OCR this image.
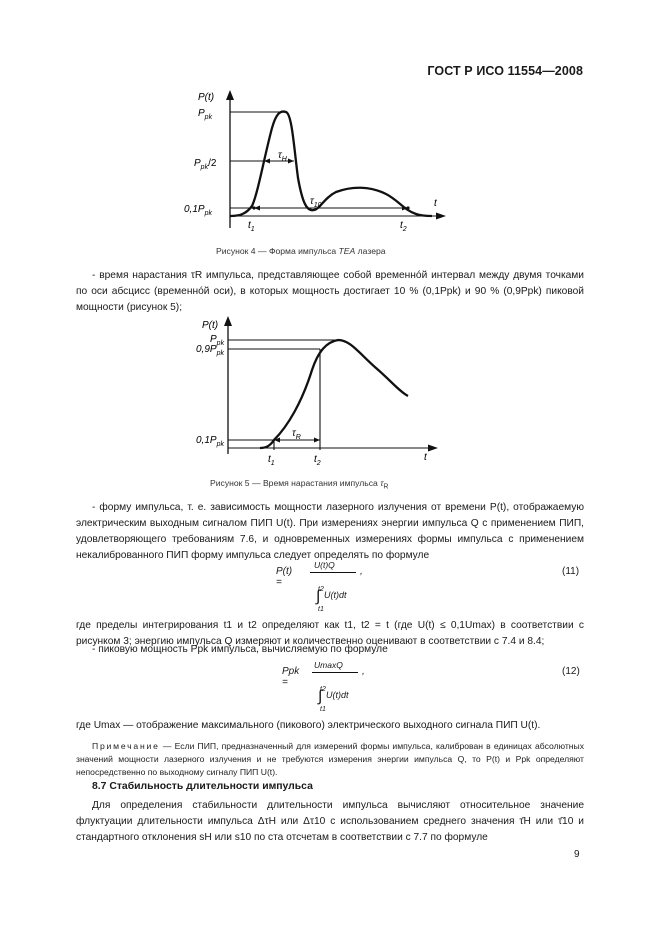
ГОСТ Р ИСО 11554—2008
P(t)
t
$P_{pk}$
$P_{pk}/2$
$0,1P_{pk}$
$\tau_H$
$\tau_{10}$
$t_1$	$t_2$
Рисунок 4 — Форма импульса TEA лазера
- время нарастания τR импульса, представляющее собой временнóй интервал между двумя точками по оси абсцисс (временнóй оси), в которых мощность достигает 10 % (0,1Ppk) и 90 % (0,9Ppk) пиковой мощности (рисунок 5);
P(t)
t
$P_{pk}$
$0,9P_{pk}$
$0,1P_{pk}$
$\tau_R$
$t_1$	$t_2$
Рисунок 5 — Время нарастания импульса $\tau_R$
- форму импульса, т. е. зависимость мощности лазерного излучения от времени P(t), отображаемую электрическим выходным сигналом ПИП U(t). При измерениях энергии импульса Q с применением ПИП, удовлетворяющего требованиям 7.6, и одновременных измерениях формы импульса с применением некалиброванного ПИП форму импульса следует определять по формуле
P(t) =
U(t)Q
t2
∫ U(t)dt
t1
,	(11)
где пределы интегрирования t1 и t2 определяют как t1, t2 = t (где U(t) ≤ 0,1Umax) в соответствии с рисунком 3; энергию импульса Q измеряют и количественно оценивают в соответствии с 7.4 и 8.4;
- пиковую мощность Ppk импульса, вычисляемую по формуле
Ppk =
UmaxQ
t2
∫ U(t)dt
t1
,	(12)
где Umax — отображение максимального (пикового) электрического выходного сигнала ПИП U(t).
Примечание — Если ПИП, предназначенный для измерений формы импульса, калиброван в единицах абсолютных значений мощности лазерного излучения и не требуются измерения энергии импульса Q, то P(t) и Ppk определяют непосредственно по выходному сигналу ПИП U(t).
8.7 Стабильность длительности импульса
Для определения стабильности длительности импульса вычисляют относительное значение флуктуации длительности импульса ΔτH или Δτ10 с использованием среднего значения τ̄H или τ̄10 и стандартного отклонения sH или s10 по ста отсчетам в соответствии с 7.7 по формуле
9
